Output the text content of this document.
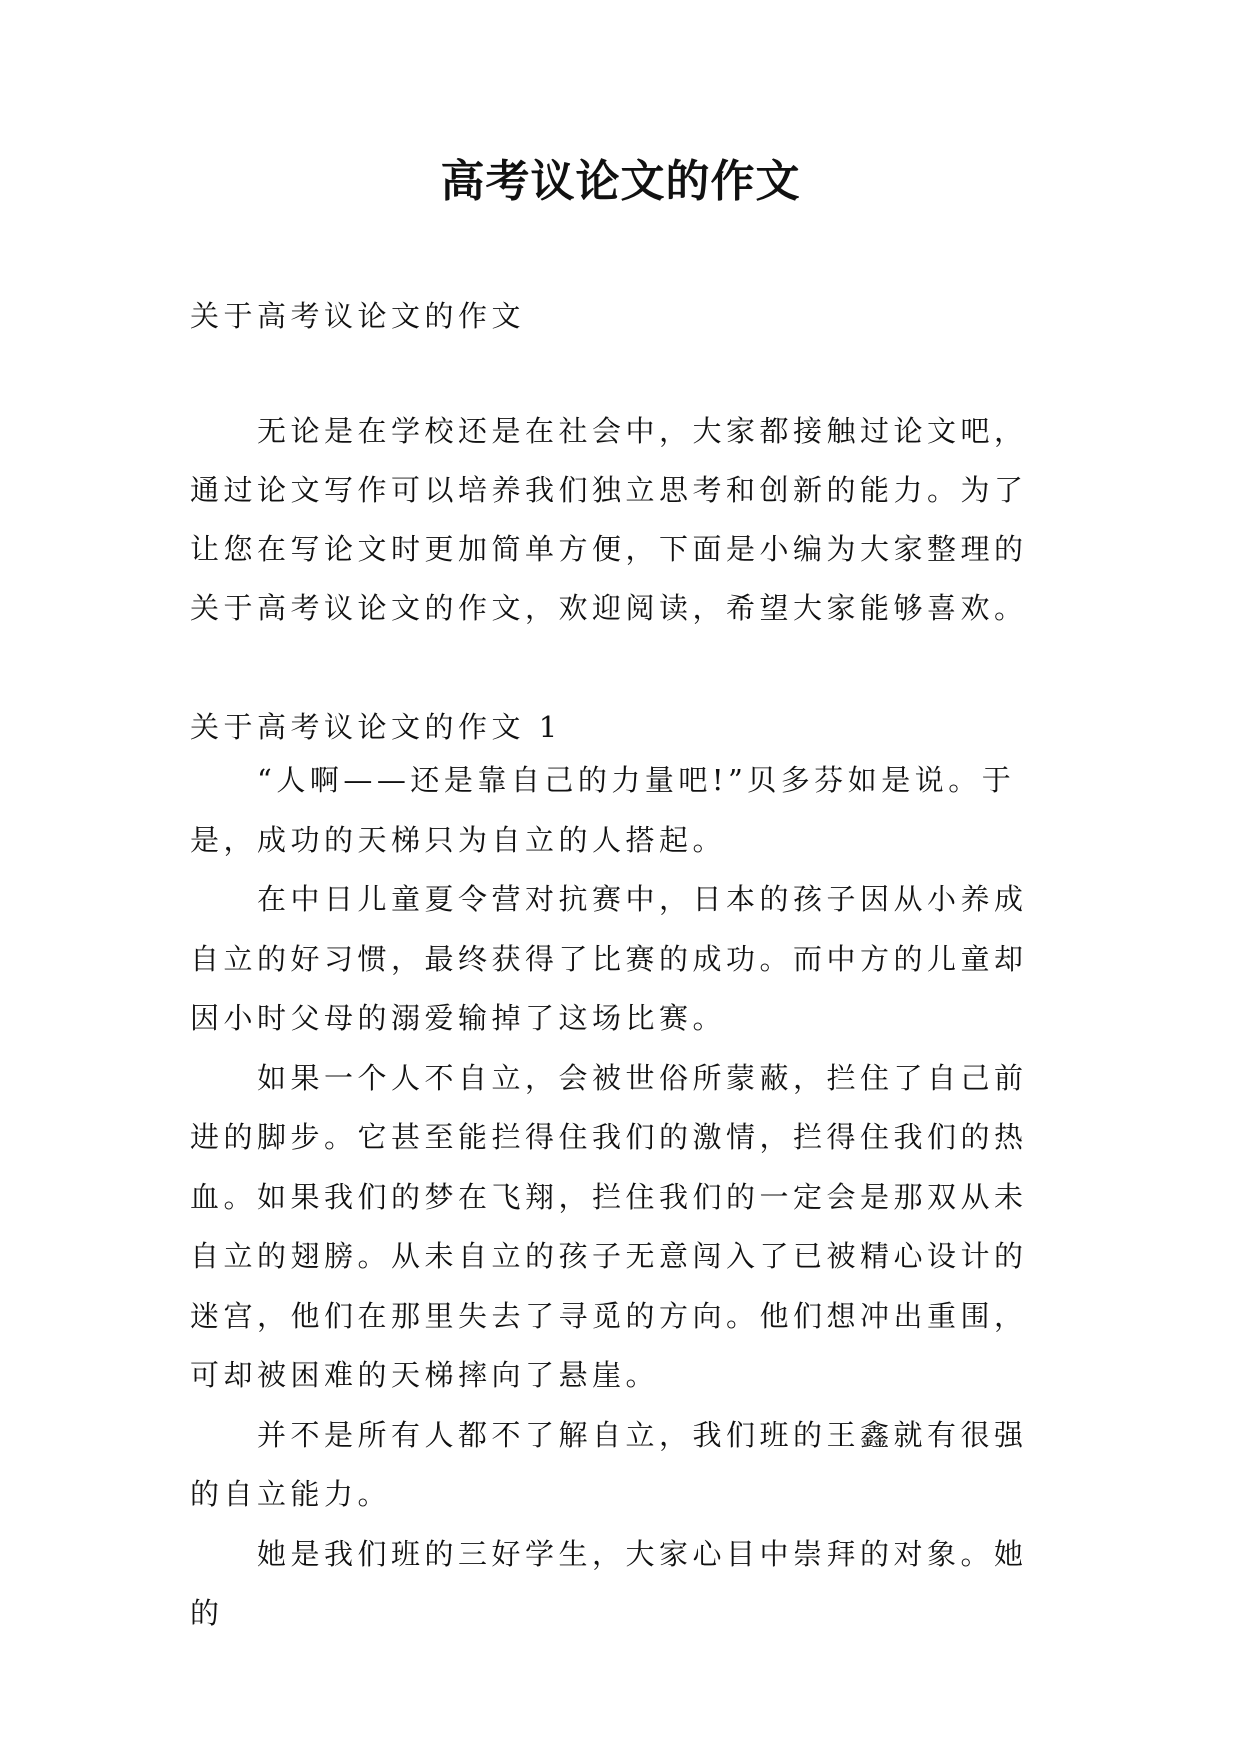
高考议论文的作文
关于高考议论文的作文

无论是在学校还是在社会中，大家都接触过论文吧，通过论文写作可以培养我们独立思考和创新的能力。为了让您在写论文时更加简单方便，下面是小编为大家整理的关于高考议论文的作文，欢迎阅读，希望大家能够喜欢。

关于高考议论文的作文 1

“人啊——还是靠自己的力量吧!”贝多芬如是说。于是，成功的天梯只为自立的人搭起。

在中日儿童夏令营对抗赛中，日本的孩子因从小养成自立的好习惯，最终获得了比赛的成功。而中方的儿童却因小时父母的溺爱输掉了这场比赛。

如果一个人不自立，会被世俗所蒙蔽，拦住了自己前进的脚步。它甚至能拦得住我们的激情，拦得住我们的热血。如果我们的梦在飞翔，拦住我们的一定会是那双从未自立的翅膀。从未自立的孩子无意闯入了已被精心设计的迷宫，他们在那里失去了寻觅的方向。他们想冲出重围，可却被困难的天梯摔向了悬崖。

并不是所有人都不了解自立，我们班的王鑫就有很强的自立能力。

她是我们班的三好学生，大家心目中崇拜的对象。她的
